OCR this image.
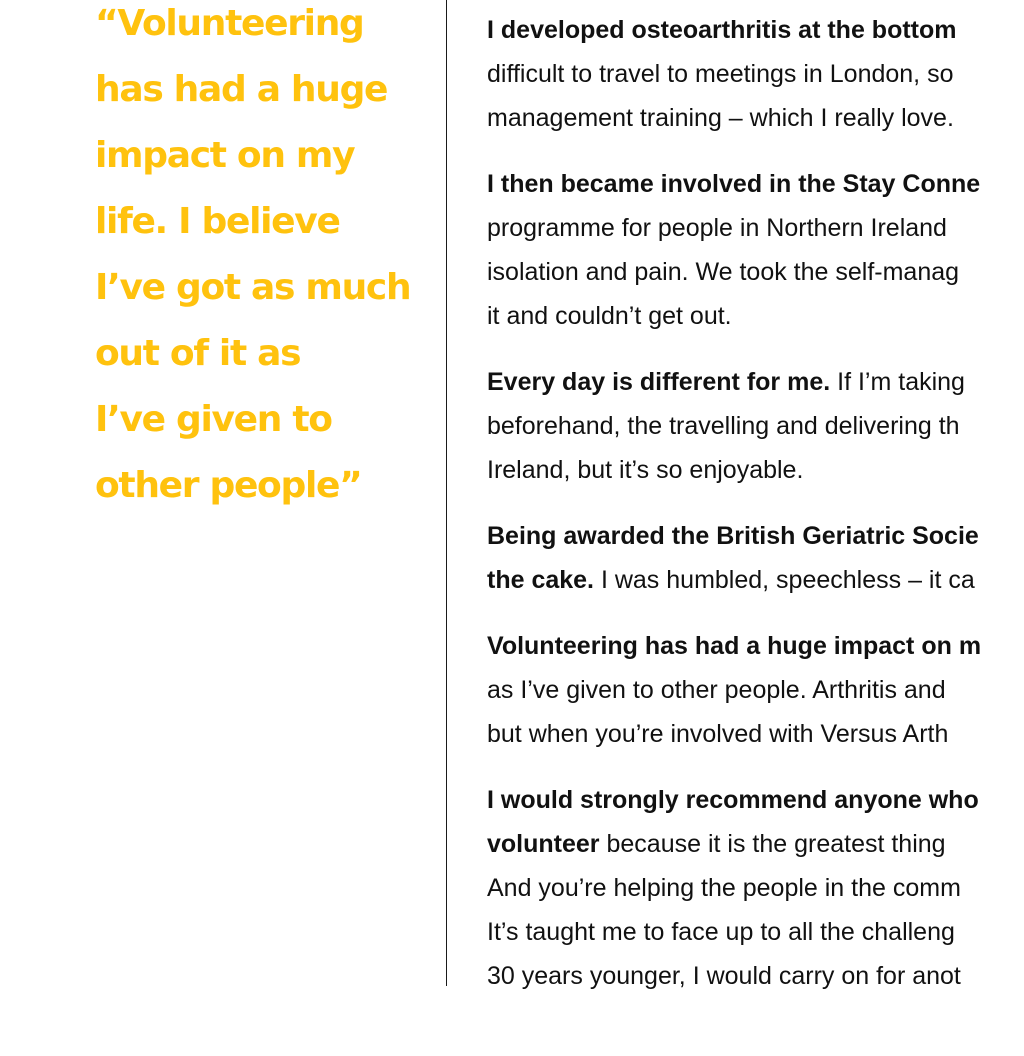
“Volunteering
has had a huge
impact on my
life. I believe
I’ve got as much
out of it as
I’ve given to
other people”

I developed osteoarthritis at the bottom
difficult to travel to meetings in London, so
management training – which I really love.

I then became involved in the Stay Conne
programme for people in Northern Ireland
isolation and pain. We took the self-manag
it and couldn’t get out.

Every day is different for me. If I’m taking
beforehand, the travelling and delivering th
Ireland, but it’s so enjoyable.

Being awarded the British Geriatric Socie
the cake. I was humbled, speechless – it ca

Volunteering has had a huge impact on m
as I’ve given to other people. Arthritis and
but when you’re involved with Versus Arth

I would strongly recommend anyone who
volunteer because it is the greatest thing
And you’re helping the people in the comm
It’s taught me to face up to all the challeng
30 years younger, I would carry on for anot
